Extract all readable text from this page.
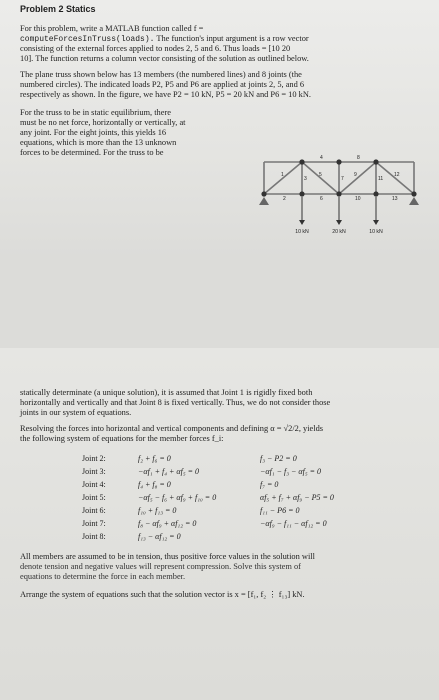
Problem 2 Statics

For this problem, write a MATLAB function called f =

computeForcesInTruss(loads). The function's input argument is a row vector

consisting of the external forces applied to nodes 2, 5 and 6. Thus loads = [10 20

10]. The function returns a column vector consisting of the solution as outlined below.

The plane truss shown below has 13 members (the numbered lines) and 8 joints (the

numbered circles). The indicated loads P2, P5 and P6 are applied at joints 2, 5, and 6

respectively as shown. In the figure, we have P2 = 10 kN, P5 = 20 kN and P6 = 10 kN.

For the truss to be in static equilibrium, there

must be no net force, horizontally or vertically, at

any joint. For the eight joints, this yields 16

equations, which is more than the 13 unknown

forces to be determined. For the truss to be

1
2
3
4
5
6
7
8
9
10
11
12
13
10 kN	20 kN	10 kN

statically determinate (a unique solution), it is assumed that Joint 1 is rigidly fixed both

horizontally and vertically and that Joint 8 is fixed vertically. Thus, we do not consider those

joints in our system of equations.

Resolving the forces into horizontal and vertical components and defining α = √2/2, yields

the following system of equations for the member forces f_i:

Joint 2:	f₂ + f₆ = 0	f₃ − P2 = 0
Joint 3:	−αf₁ + f₄ + αf₅ = 0	−αf₁ − f₃ − αf₅ = 0
Joint 4:	f₄ + f₈ = 0	f₇ = 0
Joint 5:	−αf₅ − f₆ + αf₉ + f₁₀ = 0	αf₅ + f₇ + αf₉ − P5 = 0
Joint 6:	f₁₀ + f₁₃ = 0	f₁₁ − P6 = 0
Joint 7:	f₈ − αf₉ + αf₁₂ = 0	−αf₉ − f₁₁ − αf₁₂ = 0
Joint 8:	f₁₃ − αf₁₂ = 0

All members are assumed to be in tension, thus positive force values in the solution will

denote tension and negative values will represent compression. Solve this system of

equations to determine the force in each member.

Arrange the system of equations such that the solution vector is x = [f₁, f₂ ⋮ f₁₃] kN.
